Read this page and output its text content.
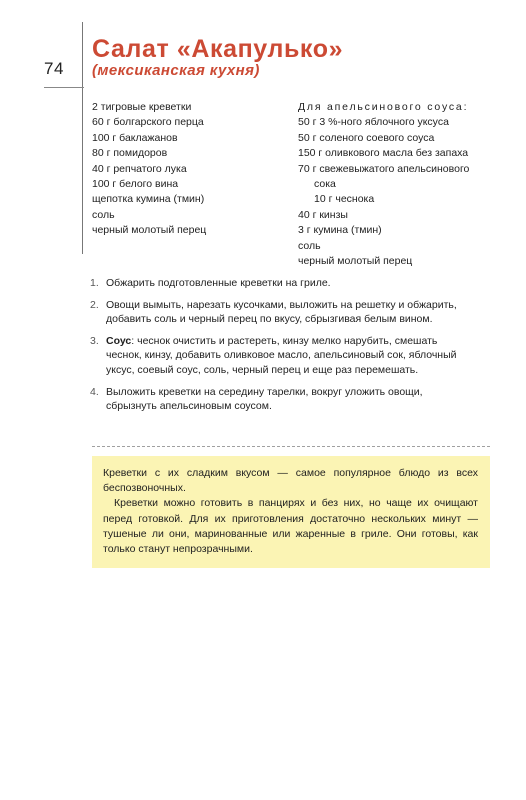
74
Салат «Акапулько»
(мексиканская кухня)
2 тигровые креветки
60 г болгарского перца
100 г баклажанов
80 г помидоров
40 г репчатого лука
100 г белого вина
щепотка кумина (тмин)
соль
черный молотый перец
Для апельсинового соуса:
50 г 3 %-ного яблочного уксуса
50 г соленого соевого соуса
150 г оливкового масла без запаха
70 г свежевыжатого апельсинового
сока
10 г чеснока
40 г кинзы
3 г кумина (тмин)
соль
черный молотый перец
1. Обжарить подготовленные креветки на гриле.
2. Овощи вымыть, нарезать кусочками, выложить на решетку и обжарить, добавить соль и черный перец по вкусу, сбрызгивая белым вином.
3. Соус: чеснок очистить и растереть, кинзу мелко нарубить, смешать чеснок, кинзу, добавить оливковое масло, апельсиновый сок, яблочный уксус, соевый соус, соль, черный перец и еще раз перемешать.
4. Выложить креветки на середину тарелки, вокруг уложить овощи, сбрызнуть апельсиновым соусом.

Креветки с их сладким вкусом — самое популярное блюдо из всех беспозвоночных.

Креветки можно готовить в панцирях и без них, но чаще их очищают перед готовкой. Для их приготовления достаточно нескольких минут — тушеные ли они, маринованные или жаренные в гриле. Они готовы, как только станут непрозрачными.
